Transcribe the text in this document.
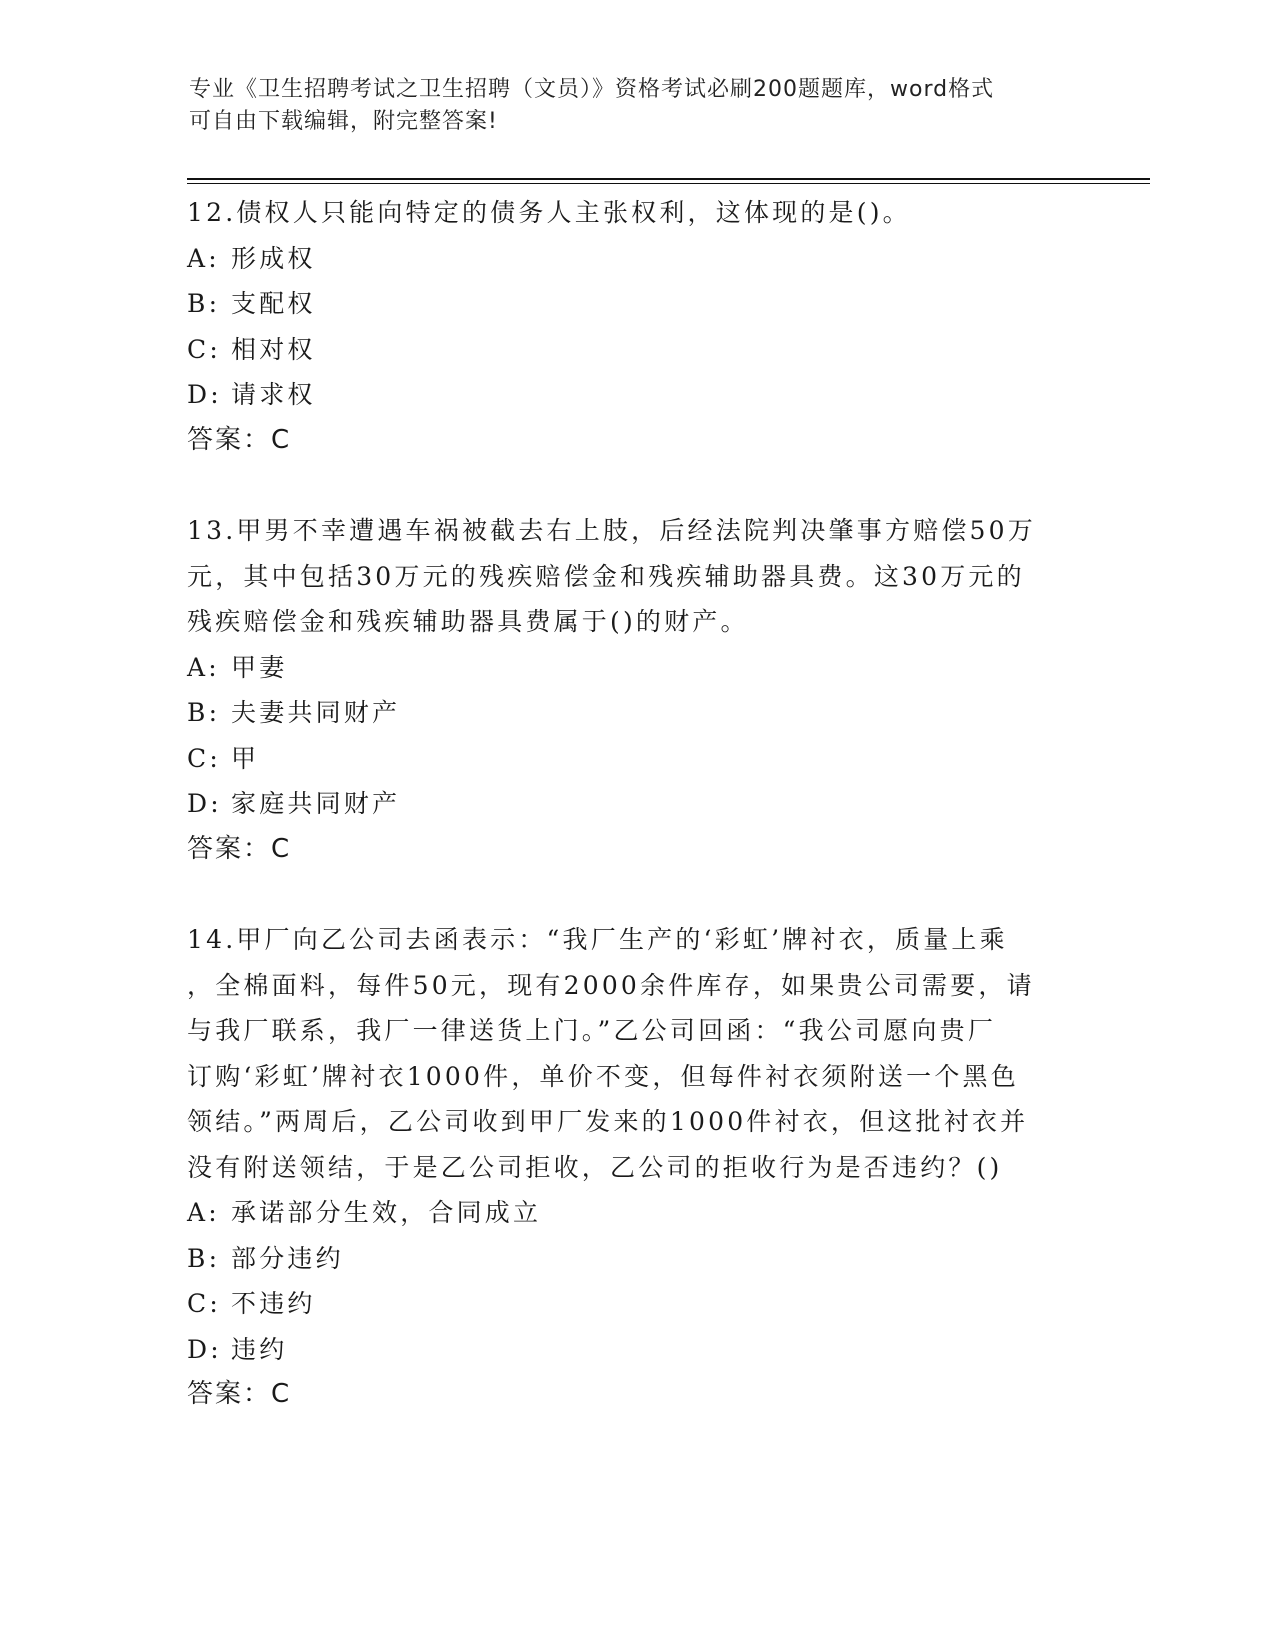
专业《卫生招聘考试之卫生招聘（文员）》资格考试必刷200题题库，word格式
可自由下载编辑，附完整答案!
12.债权人只能向特定的债务人主张权利，这体现的是()。
A: 形成权
B: 支配权
C: 相对权
D: 请求权
答案：C
13.甲男不幸遭遇车祸被截去右上肢，后经法院判决肇事方赔偿50万
元，其中包括30万元的残疾赔偿金和残疾辅助器具费。这30万元的
残疾赔偿金和残疾辅助器具费属于()的财产。
A: 甲妻
B: 夫妻共同财产
C: 甲
D: 家庭共同财产
答案：C
14.甲厂向乙公司去函表示：“我厂生产的‘彩虹’牌衬衣，质量上乘
，全棉面料，每件50元，现有2000余件库存，如果贵公司需要，请
与我厂联系，我厂一律送货上门。”乙公司回函：“我公司愿向贵厂
订购‘彩虹’牌衬衣1000件，单价不变，但每件衬衣须附送一个黑色
领结。”两周后，乙公司收到甲厂发来的1000件衬衣，但这批衬衣并
没有附送领结，于是乙公司拒收，乙公司的拒收行为是否违约？()
A: 承诺部分生效，合同成立
B: 部分违约
C: 不违约
D: 违约
答案：C
